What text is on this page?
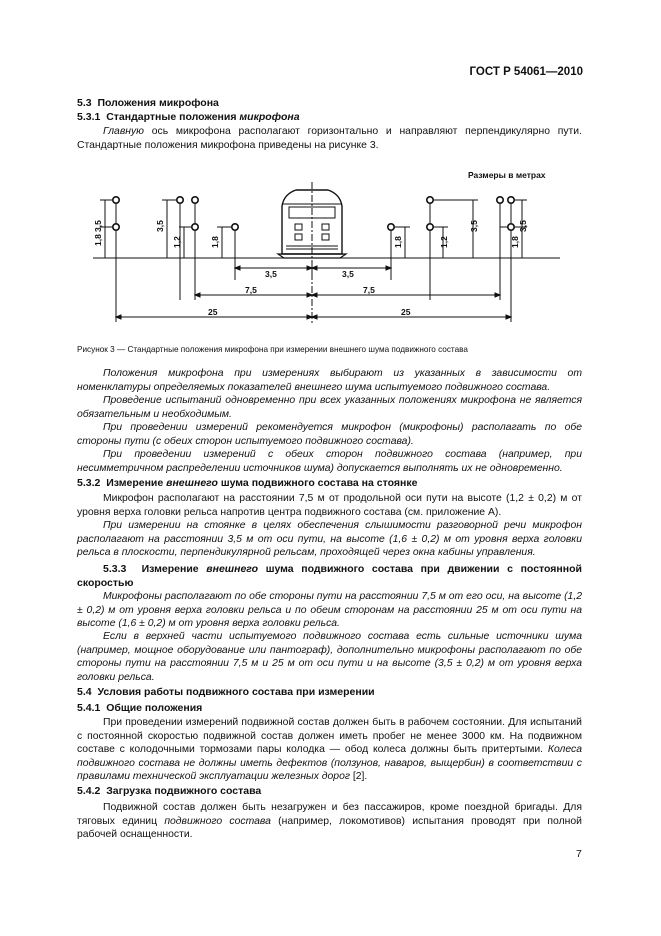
ГОСТ Р 54061—2010
5.3 Положения микрофона
5.3.1 Стандартные положения микрофона
Главную ось микрофона располагают горизонтально и направляют перпендикулярно пути. Стандартные положения микрофона приведены на рисунке 3.
Размеры в метрах
3,5
1,8
3,5
1,2	1,8	1,8	1,2
3,5	3,5
1,8
3,5	3,5
7,5	7,5
25	25
Рисунок 3 — Стандартные положения микрофона при измерении внешнего шума подвижного состава
Положения микрофона при измерениях выбирают из указанных в зависимости от номенклатуры определяемых показателей внешнего шума испытуемого подвижного состава.
Проведение испытаний одновременно при всех указанных положениях микрофона не является обязательным и необходимым.
При проведении измерений рекомендуется микрофон (микрофоны) располагать по обе стороны пути (с обеих сторон испытуемого подвижного состава).
При проведении измерений с обеих сторон подвижного состава (например, при несимметричном распределении источников шума) допускается выполнять их не одновременно.
5.3.2 Измерение внешнего шума подвижного состава на стоянке
Микрофон располагают на расстоянии 7,5 м от продольной оси пути на высоте (1,2 ± 0,2) м от уровня верха головки рельса напротив центра подвижного состава (см. приложение А).
При измерении на стоянке в целях обеспечения слышимости разговорной речи микрофон располагают на расстоянии 3,5 м от оси пути, на высоте (1,6 ± 0,2) м от уровня верха головки рельса в плоскости, перпендикулярной рельсам, проходящей через окна кабины управления.
5.3.3 Измерение внешнего шума подвижного состава при движении с постоянной скоростью
Микрофоны располагают по обе стороны пути на расстоянии 7,5 м от его оси, на высоте (1,2 ± 0,2) м от уровня верха головки рельса и по обеим сторонам на расстоянии 25 м от оси пути на высоте (1,6 ± 0,2) м от уровня верха головки рельса.
Если в верхней части испытуемого подвижного состава есть сильные источники шума (например, мощное оборудование или пантограф), дополнительно микрофоны располагают по обе стороны пути на расстоянии 7,5 м и 25 м от оси пути и на высоте (3,5 ± 0,2) м от уровня верха головки рельса.
5.4 Условия работы подвижного состава при измерении
5.4.1 Общие положения
При проведении измерений подвижной состав должен быть в рабочем состоянии. Для испытаний с постоянной скоростью подвижной состав должен иметь пробег не менее 3000 км. На подвижном составе с колодочными тормозами пары колодка — обод колеса должны быть притертыми. Колеса подвижного состава не должны иметь дефектов (ползунов, наваров, выщербин) в соответствии с правилами технической эксплуатации железных дорог [2].
5.4.2 Загрузка подвижного состава
Подвижной состав должен быть незагружен и без пассажиров, кроме поездной бригады. Для тяговых единиц подвижного состава (например, локомотивов) испытания проводят при полной рабочей оснащенности.
7
